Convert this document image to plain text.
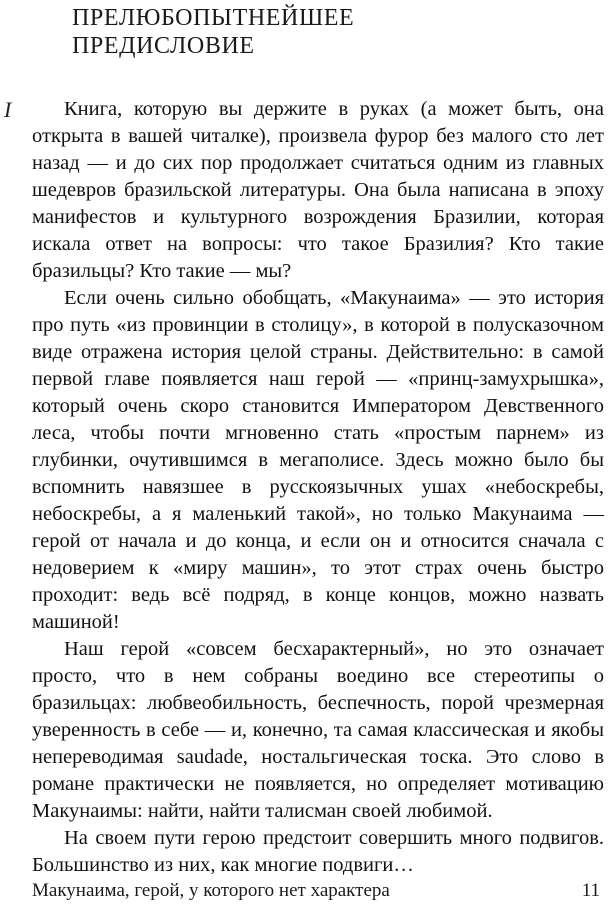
ПРЕЛЮБОПЫТНЕЙШЕЕ
ПРЕДИСЛОВИЕ
I	Книга, которую вы держите в руках (а может быть, она открыта в вашей читалке), произвела фурор без малого сто лет назад — и до сих пор продолжает считаться одним из главных шедевров бразильской литературы. Она была написана в эпоху манифестов и культурного возрождения Бразилии, которая искала ответ на вопросы: что такое Бразилия? Кто такие бразильцы? Кто такие — мы?

Если очень сильно обобщать, «Макунаима» — это история про путь «из провинции в столицу», в которой в полусказочном виде отражена история целой страны. Действительно: в самой первой главе появляется наш герой — «принц-замухрышка», который очень скоро становится Императором Девственного леса, чтобы почти мгновенно стать «простым парнем» из глубинки, очутившимся в мегаполисе. Здесь можно было бы вспомнить навязшее в русскоязычных ушах «небоскребы, небоскребы, а я маленький такой», но только Макунаима — герой от начала и до конца, и если он и относится сначала с недоверием к «миру машин», то этот страх очень быстро проходит: ведь всё подряд, в конце концов, можно назвать машиной!

Наш герой «совсем бесхарактерный», но это означает просто, что в нем собраны воедино все стереотипы о бразильцах: любвеобильность, беспечность, порой чрезмерная уверенность в себе — и, конечно, та самая классическая и якобы непереводимая saudade, ностальгическая тоска. Это слово в романе практически не появляется, но определяет мотивацию Макунаимы: найти, найти талисман своей любимой.

На своем пути герою предстоит совершить много подвигов. Большинство из них, как многие подвиги…

Макунаима, герой, у которого нет характера	11
